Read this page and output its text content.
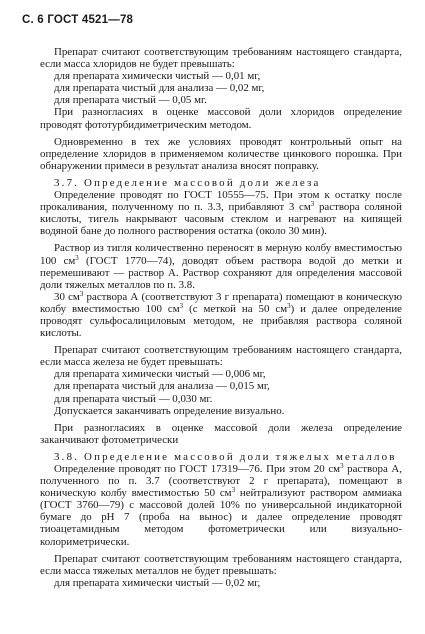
С. 6 ГОСТ 4521—78

Препарат считают соответствующим требованиям настоящего стандарта, если масса хлоридов не будет превышать:

для препарата химически чистый — 0,01 мг,

для препарата чистый для анализа — 0,02 мг,

для препарата чистый — 0,05 мг.

При разногласиях в оценке массовой доли хлоридов определение проводят фототурбидиметрическим методом.

Одновременно в тех же условиях проводят контрольный опыт на определение хлоридов в применяемом количестве цинкового порошка. При обнаружении примеси в результат анализа вносят поправку.

3.7. Определение массовой доли железа

Определение проводят по ГОСТ 10555—75. При этом к остатку после прокаливания, полученному по п. 3.3, прибавляют 3 $см^3$ раствора соляной кислоты, тигель накрывают часовым стеклом и нагревают на кипящей водяной бане до полного растворения остатка (около 30 мин).

Раствор из тигля количественно переносят в мерную колбу вместимостью 100 $см^3$ (ГОСТ 1770—74), доводят объем раствора водой до метки и перемешивают — раствор А. Раствор сохраняют для определения массовой доли тяжелых металлов по п. 3.8.

30 $см^3$ раствора А (соответствуют 3 г препарата) помещают в коническую колбу вместимостью 100 $см^3$ (с меткой на 50 $см^3$) и далее определение проводят сульфосалициловым методом, не прибавляя раствора соляной кислоты.

Препарат считают соответствующим требованиям настоящего стандарта, если масса железа не будет превышать:

для препарата химически чистый — 0,006 мг,

для препарата чистый для анализа — 0,015 мг,

для препарата чистый — 0,030 мг.

Допускается заканчивать определение визуально.

При разногласиях в оценке массовой доли железа определение заканчивают фотометрически

3.8. Определение массовой доли тяжелых металлов

Определение проводят по ГОСТ 17319—76. При этом 20 $см^3$ раствора А, полученного по п. 3.7 (соответствуют 2 г препарата), помещают в коническую колбу вместимостью 50 $см^3$ нейтрализуют раствором аммиака (ГОСТ 3760—79) с массовой долей 10% по универсальной индикаторной бумаге до pH 7 (проба на вынос) и далее определение проводят тиоацетамидным методом фотометрически или визуально-колориметрически.

Препарат считают соответствующим требованиям настоящего стандарта, если масса тяжелых металлов не будет превышать:

для препарата химически чистый — 0,02 мг,
